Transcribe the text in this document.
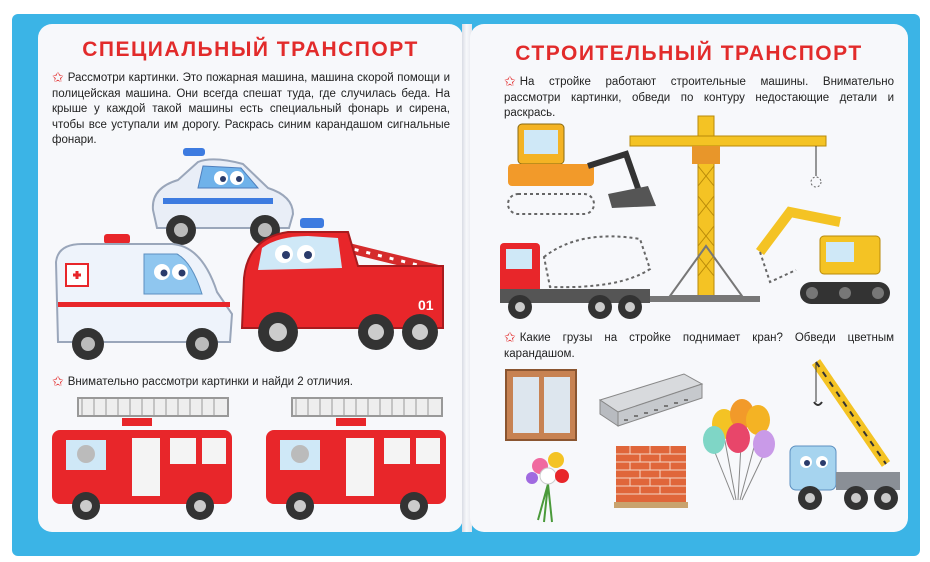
СПЕЦИАЛЬНЫЙ ТРАНСПОРТ
✩ Рассмотри картинки. Это пожарная машина, машина скорой помощи и полицейская машина. Они всегда спешат туда, где случилась беда. На крыше у каждой такой машины есть специальный фонарь и сирена, чтобы все уступали им дорогу. Раскрась синим карандашом сигнальные фонари.
01
✩ Внимательно рассмотри картинки и найди 2 отличия.
СТРОИТЕЛЬНЫЙ ТРАНСПОРТ
✩ На стройке работают строительные машины. Внимательно рассмотри картинки, обведи по контуру недостающие детали и раскрась.
✩ Какие грузы на стройке поднимает кран? Обведи цветным карандашом.
